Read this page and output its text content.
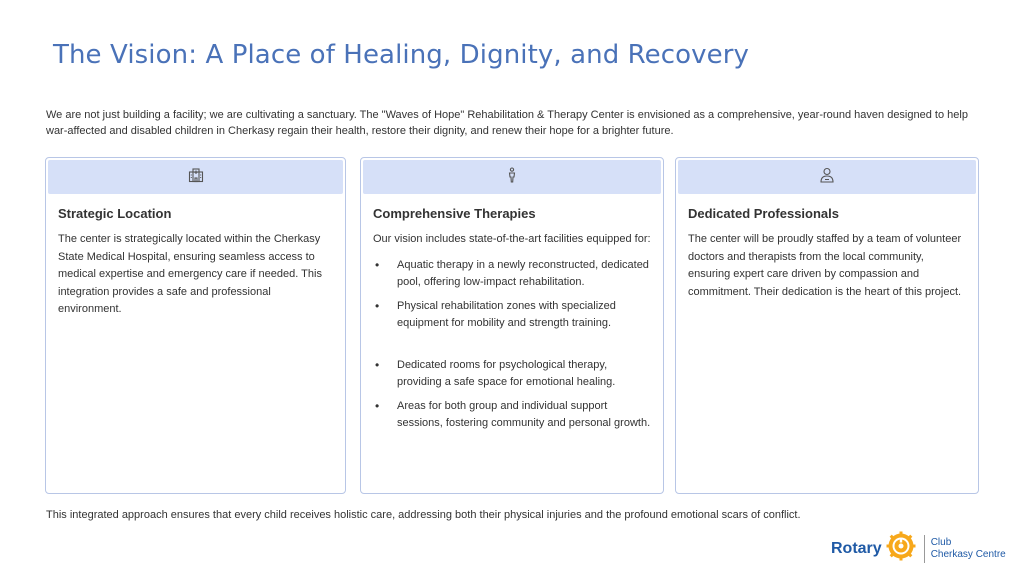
The Vision: A Place of Healing, Dignity, and Recovery
We are not just building a facility; we are cultivating a sanctuary. The "Waves of Hope" Rehabilitation & Therapy Center is envisioned as a comprehensive, year-round haven designed to help war-affected and disabled children in Cherkasy regain their health, restore their dignity, and renew their hope for a brighter future.
Strategic Location
The center is strategically located within the Cherkasy State Medical Hospital, ensuring seamless access to medical expertise and emergency care if needed. This integration provides a safe and professional environment.
Comprehensive Therapies
Our vision includes state-of-the-art facilities equipped for:
• Aquatic therapy in a newly reconstructed, dedicated pool, offering low-impact rehabilitation.
• Physical rehabilitation zones with specialized equipment for mobility and strength training.
• Dedicated rooms for psychological therapy, providing a safe space for emotional healing.
• Areas for both group and individual support sessions, fostering community and personal growth.
Dedicated Professionals
The center will be proudly staffed by a team of volunteer doctors and therapists from the local community, ensuring expert care driven by compassion and commitment. Their dedication is the heart of this project.
This integrated approach ensures that every child receives holistic care, addressing both their physical injuries and the profound emotional scars of conflict.
Rotary	Club
Cherkasy Centre
